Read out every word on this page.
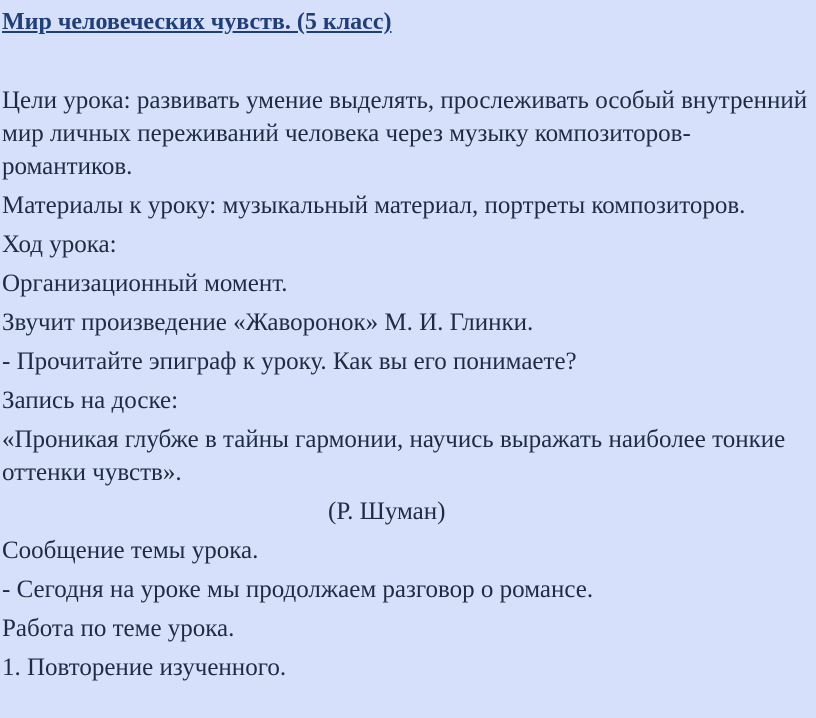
Мир человеческих чувств. (5 класс)

Цели урока: развивать умение выделять, прослеживать особый внутренний мир личных переживаний человека через музыку композиторов-романтиков.

Материалы к уроку: музыкальный материал, портреты композиторов.

Ход урока:

Организационный момент.

Звучит произведение «Жаворонок» М. И. Глинки.

- Прочитайте эпиграф к уроку. Как вы его понимаете?

Запись на доске:

«Проникая глубже в тайны гармонии, научись выражать наиболее тонкие оттенки чувств».

(Р. Шуман)

Сообщение темы урока.

- Сегодня на уроке мы продолжаем разговор о романсе.

Работа по теме урока.

1. Повторение изученного.
